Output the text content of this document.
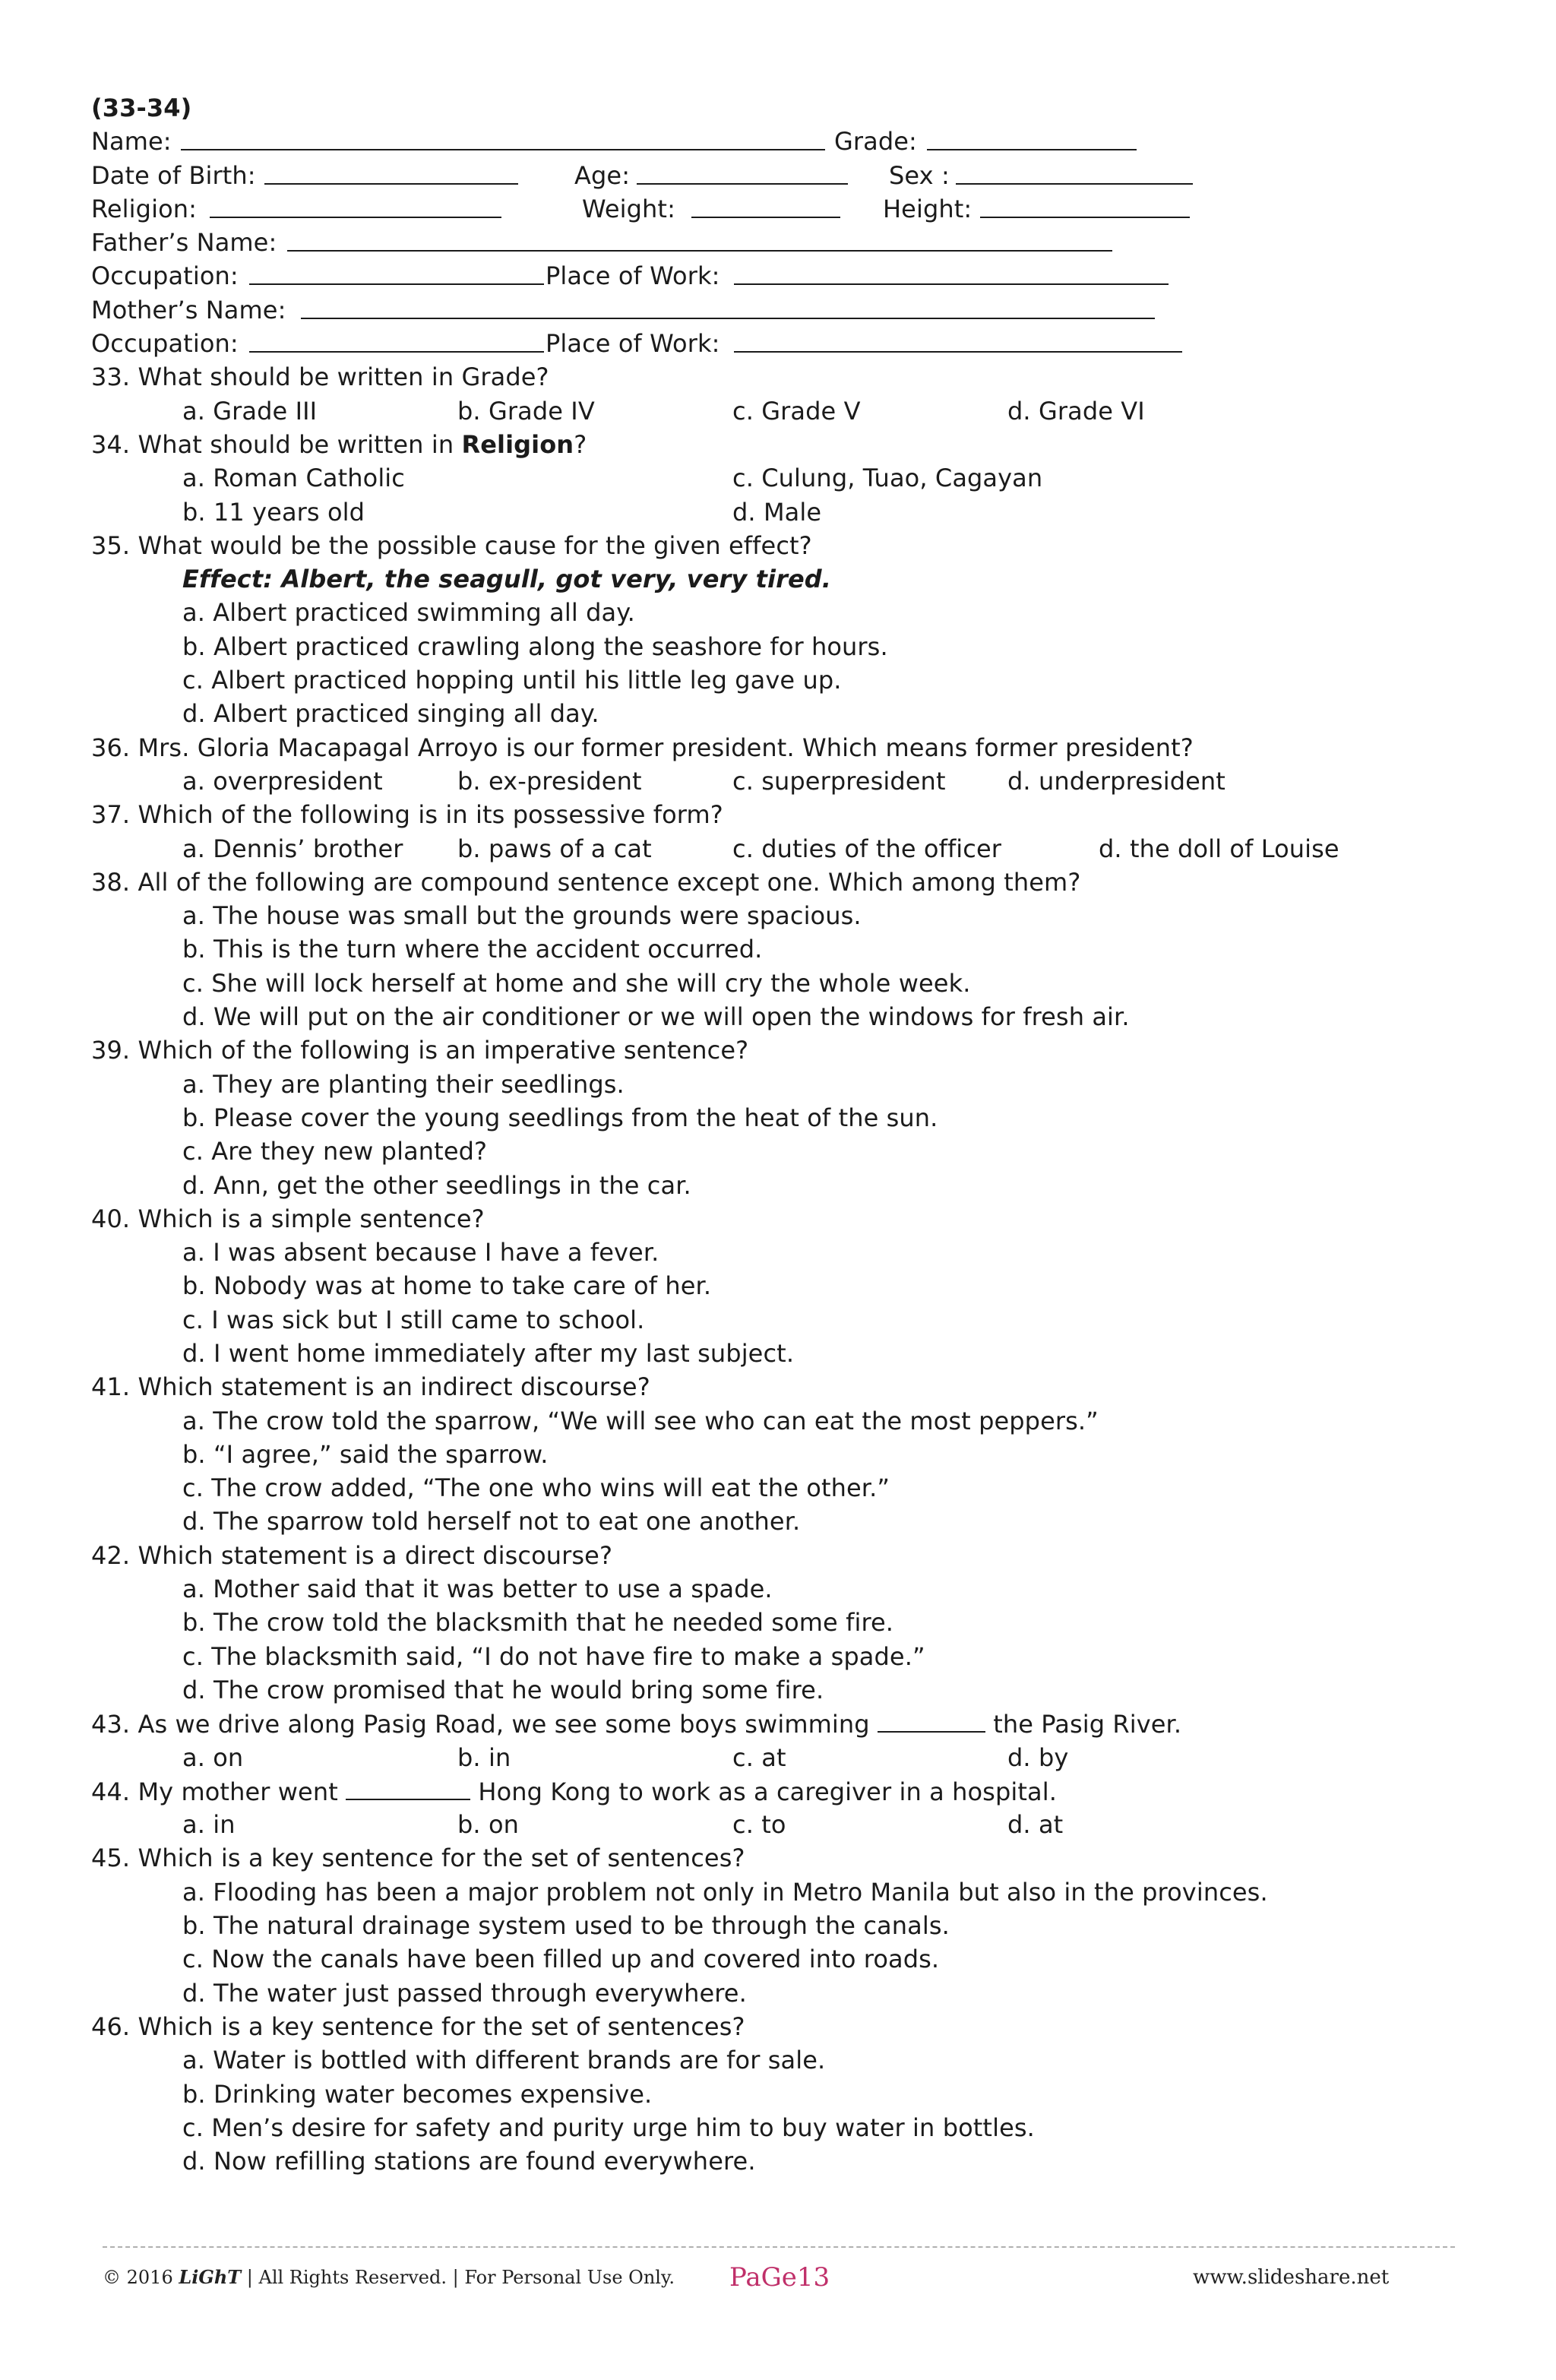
(33-34)
Name:	Grade:
Date of Birth:	Age:	Sex :
Religion:	Weight:	Height:
Father’s Name:
Occupation:	Place of Work:
Mother’s Name:
Occupation:	Place of Work:
33. What should be written in Grade?
a. Grade III	b. Grade IV	c. Grade V	d. Grade VI
34. What should be written in Religion?
a. Roman Catholic	c. Culung, Tuao, Cagayan
b. 11 years old	d. Male
35. What would be the possible cause for the given effect?
Effect: Albert, the seagull, got very, very tired.
a. Albert practiced swimming all day.
b. Albert practiced crawling along the seashore for hours.
c. Albert practiced hopping until his little leg gave up.
d. Albert practiced singing all day.
36. Mrs. Gloria Macapagal Arroyo is our former president. Which means former president?
a. overpresident	b. ex-president	c. superpresident	d. underpresident
37. Which of the following is in its possessive form?
a. Dennis’ brother b. paws of a cat	c. duties of the officer	d. the doll of Louise
38. All of the following are compound sentence except one. Which among them?
a. The house was small but the grounds were spacious.
b. This is the turn where the accident occurred.
c. She will lock herself at home and she will cry the whole week.
d. We will put on the air conditioner or we will open the windows for fresh air.
39. Which of the following is an imperative sentence?
a. They are planting their seedlings.
b. Please cover the young seedlings from the heat of the sun.
c. Are they new planted?
d. Ann, get the other seedlings in the car.
40. Which is a simple sentence?
a. I was absent because I have a fever.
b. Nobody was at home to take care of her.
c. I was sick but I still came to school.
d. I went home immediately after my last subject.
41. Which statement is an indirect discourse?
a. The crow told the sparrow, “We will see who can eat the most peppers.”
b. “I agree,” said the sparrow.
c. The crow added, “The one who wins will eat the other.”
d. The sparrow told herself not to eat one another.
42. Which statement is a direct discourse?
a. Mother said that it was better to use a spade.
b. The crow told the blacksmith that he needed some fire.
c. The blacksmith said, “I do not have fire to make a spade.”
d. The crow promised that he would bring some fire.
43. As we drive along Pasig Road, we see some boys swimming	the Pasig River.
a. on	b. in	c. at	d. by
44. My mother went	Hong Kong to work as a caregiver in a hospital.
a. in	b. on	c. to	d. at
45. Which is a key sentence for the set of sentences?
a. Flooding has been a major problem not only in Metro Manila but also in the provinces.
b. The natural drainage system used to be through the canals.
c. Now the canals have been filled up and covered into roads.
d. The water just passed through everywhere.
46. Which is a key sentence for the set of sentences?
a. Water is bottled with different brands are for sale.
b. Drinking water becomes expensive.
c. Men’s desire for safety and purity urge him to buy water in bottles.
d. Now refilling stations are found everywhere.
© 2016 LiGhT | All Rights Reserved. | For Personal Use Only. PaGe13	www.slideshare.net
